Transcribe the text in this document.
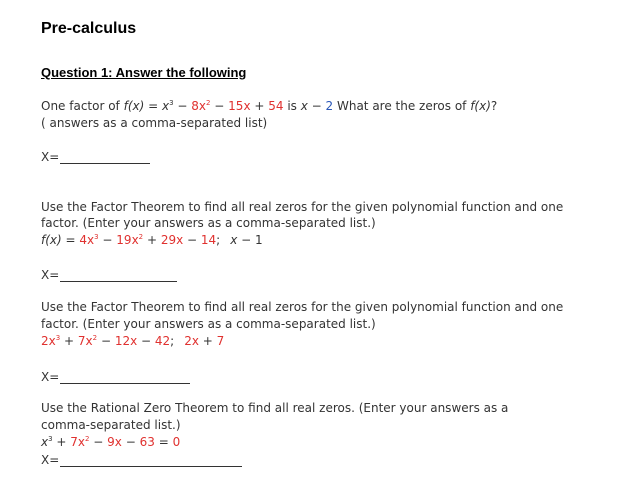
Pre-calculus
Question 1: Answer the following
One factor of $f(x) = x^3 - 8x^2 - 15x + 54$ is x − 2 What are the zeros of f(x)?
( answers as a comma-separated list)
X=
Use the Factor Theorem to find all real zeros for the given polynomial function and one
factor. (Enter your answers as a comma-separated list.)
$f(x) = 4x^3 - 19x^2 + 29x - 14$; x − 1
X=
Use the Factor Theorem to find all real zeros for the given polynomial function and one
factor. (Enter your answers as a comma-separated list.)
$2x^3 + 7x^2 - 12x - 42$; 2x + 7
X=
Use the Rational Zero Theorem to find all real zeros. (Enter your answers as a
comma-separated list.)
$x^3 + 7x^2 - 9x - 63 = 0$
X=
